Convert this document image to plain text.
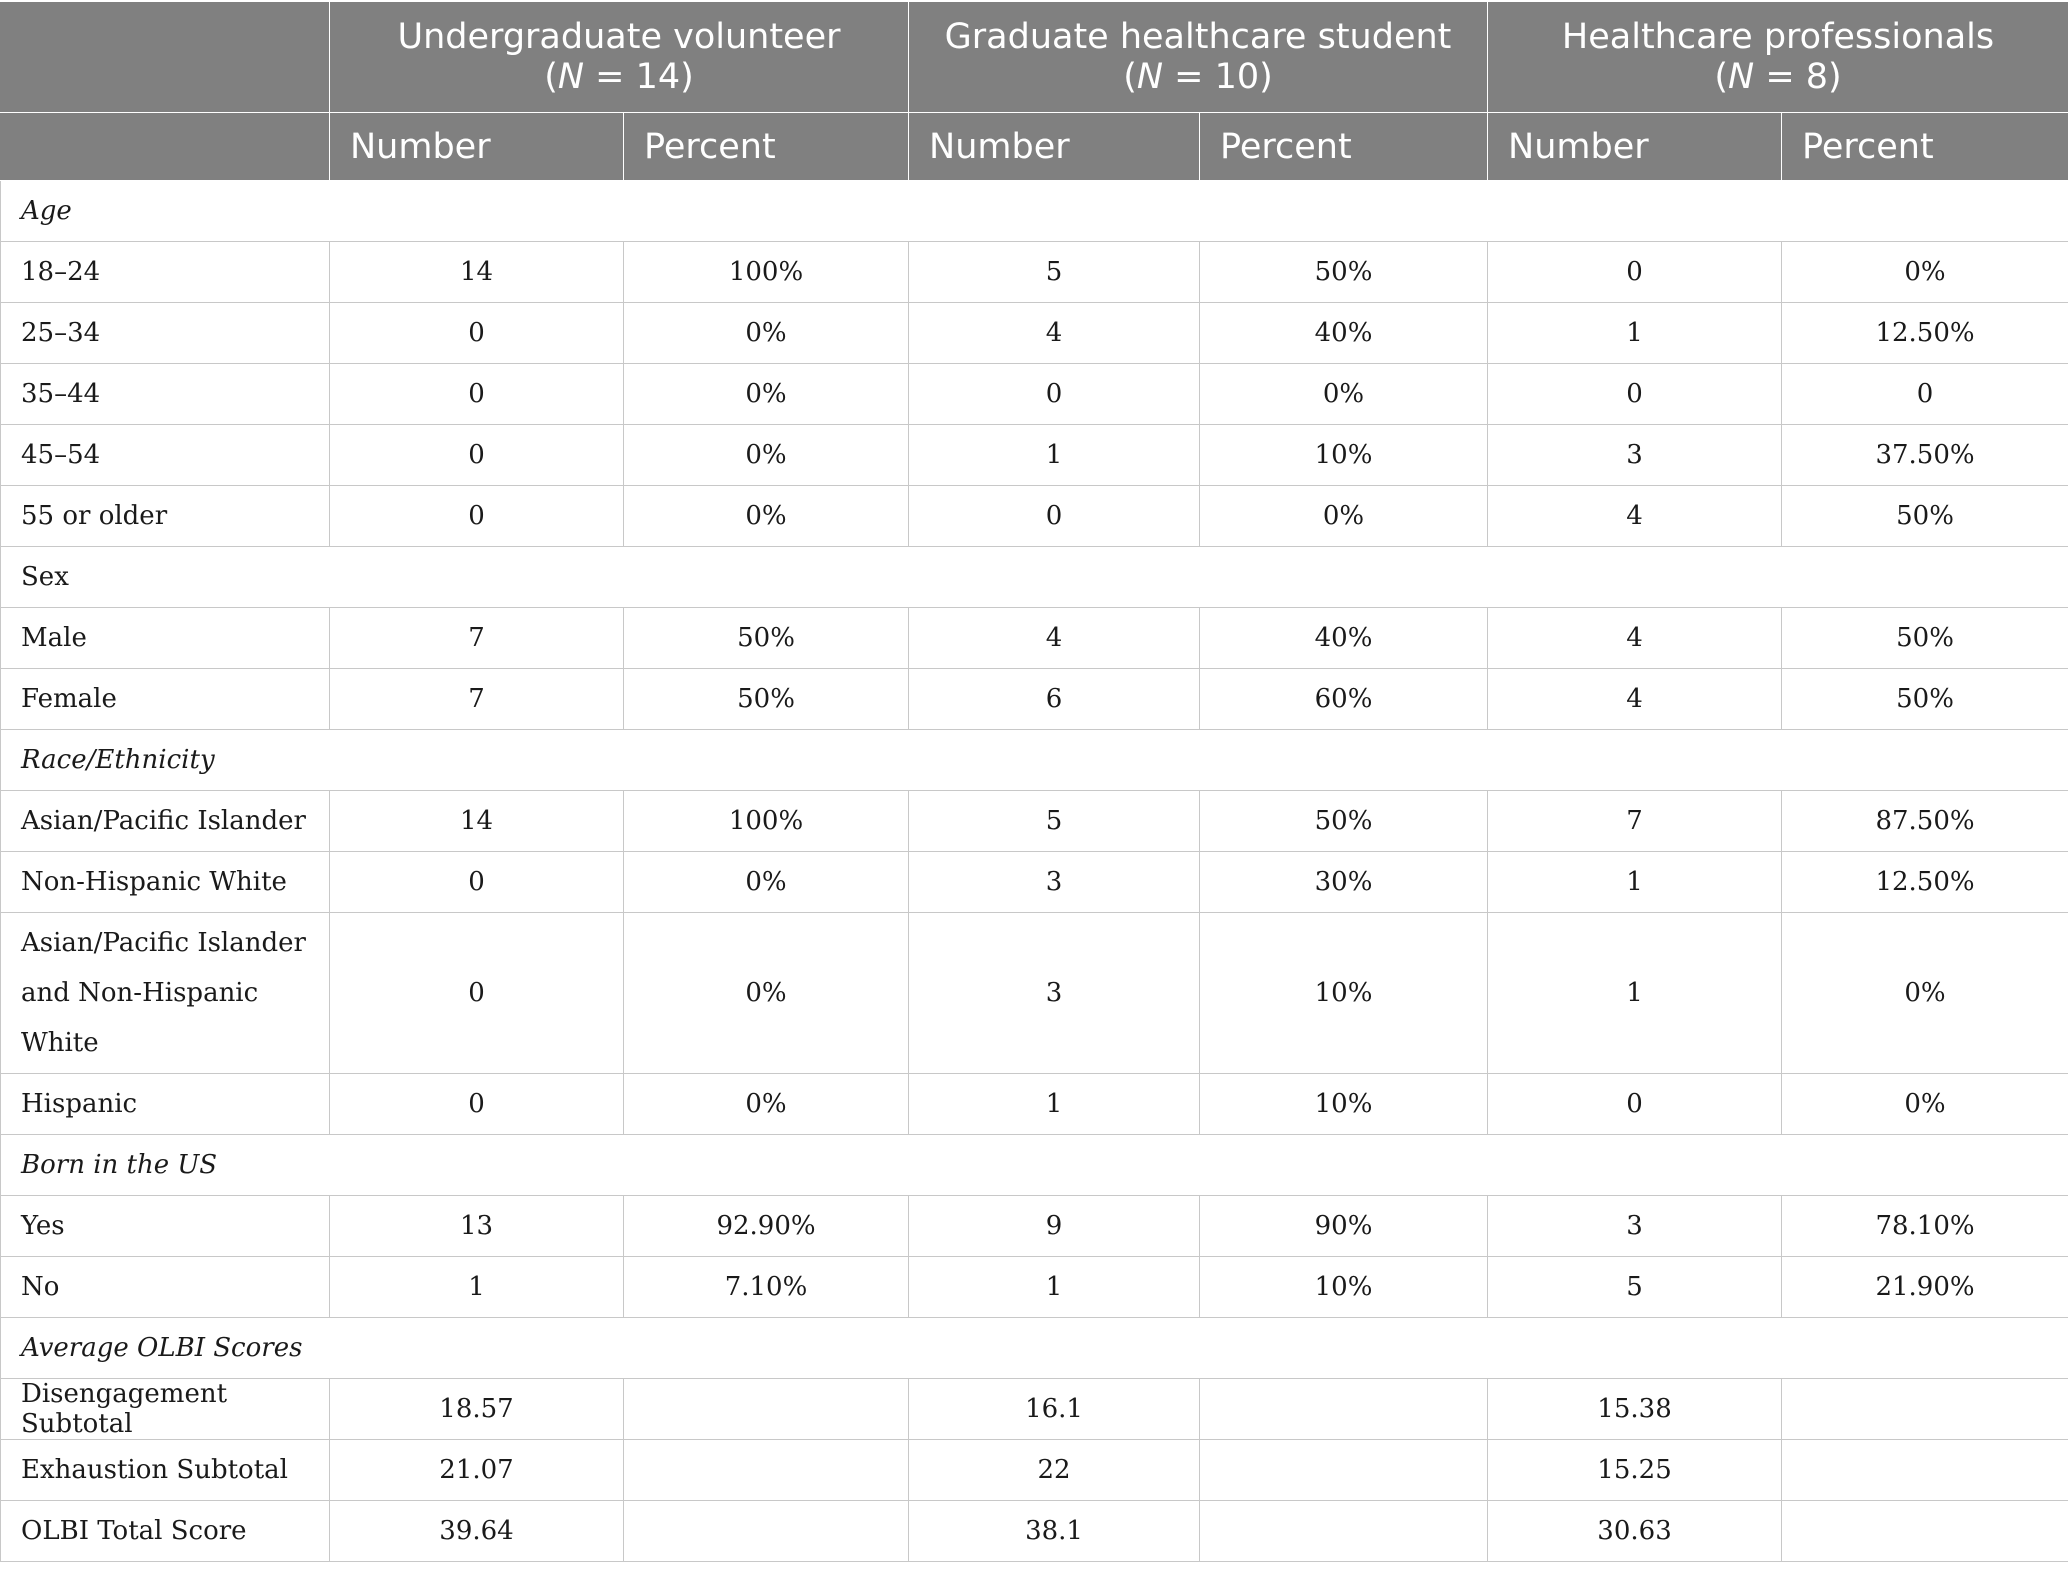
	Undergraduate volunteer
(N = 14)		Graduate healthcare student
(N = 10)		Healthcare professionals
(N = 8)	

	Number	Percent	Number	Percent	Number	Percent
Age						
18–24	14	100%	5	50%	0	0%
25–34	0	0%	4	40%	1	12.50%
35–44	0	0%	0	0%	0	0
45–54	0	0%	1	10%	3	37.50%
55 or older	0	0%	0	0%	4	50%
Sex						
Male	7	50%	4	40%	4	50%
Female	7	50%	6	60%	4	50%
Race/Ethnicity						
Asian/Pacific Islander	14	100%	5	50%	7	87.50%
Non-Hispanic White	0	0%	3	30%	1	12.50%
Asian/Pacific Islander
and Non-Hispanic
White	0	0%	3	10%	1	0%
Hispanic	0	0%	1	10%	0	0%
Born in the US						
Yes	13	92.90%	9	90%	3	78.10%
No	1	7.10%	1	10%	5	21.90%
Average OLBI Scores						
Disengagement Subtotal	18.57		16.1		15.38	
Exhaustion Subtotal	21.07		22		15.25	
OLBI Total Score	39.64		38.1		30.63	
